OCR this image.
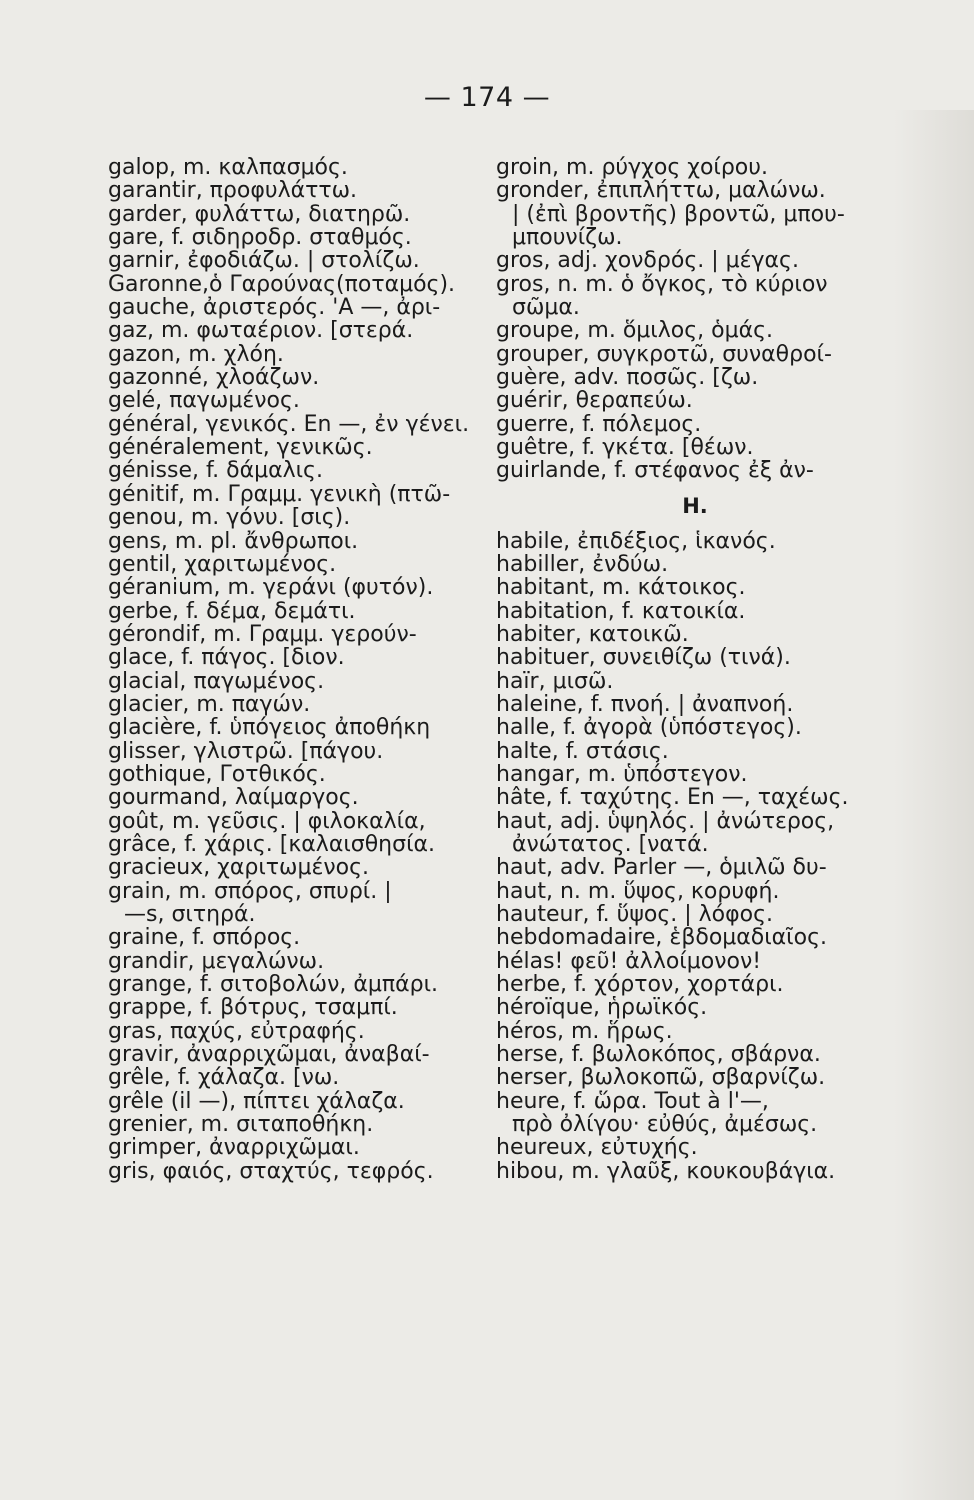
— 174 —
galop, m. καλπασμός.
garantir, προφυλάττω.
garder, φυλάττω, διατηρῶ.
gare, f. σιδηροδρ. σταθμός.
garnir, ἐφοδιάζω. | στολίζω.
Garonne,ὁ Γαρούνας(ποταμός).
gauche, ἀριστερός. 'A —, ἀρι-
gaz, m. φωταέριον. [στερά.
gazon, m. χλόη.
gazonné, χλοάζων.
gelé, παγωμένος.
général, γενικός. En —, ἐν γένει.
généralement, γενικῶς.
génisse, f. δάμαλις.
génitif, m. Γραμμ. γενικὴ (πτῶ-
genou, m. γόνυ. [σις).
gens, m. pl. ἄνθρωποι.
gentil, χαριτωμένος.
géranium, m. γεράνι (φυτόν).
gerbe, f. δέμα, δεμάτι.
gérondif, m. Γραμμ. γερούν-
glace, f. πάγος. [διον.
glacial, παγωμένος.
glacier, m. παγών.
glacière, f. ὑπόγειος ἀποθήκη
glisser, γλιστρῶ. [πάγου.
gothique, Γοτθικός.
gourmand, λαίμαργος.
goût, m. γεῦσις. | φιλοκαλία,
grâce, f. χάρις. [καλαισθησία.
gracieux, χαριτωμένος.
grain, m. σπόρος, σπυρί. |
—s, σιτηρά.
graine, f. σπόρος.
grandir, μεγαλώνω.
grange, f. σιτοβολών, ἀμπάρι.
grappe, f. βότρυς, τσαμπί.
gras, παχύς, εὐτραφής.
gravir, ἀναρριχῶμαι, ἀναβαί-
grêle, f. χάλαζα. [νω.
grêle (il —), πίπτει χάλαζα.
grenier, m. σιταποθήκη.
grimper, ἀναρριχῶμαι.
gris, φαιός, σταχτύς, τεφρός.
groin, m. ρύγχος χοίρου.
gronder, ἐπιπλήττω, μαλώνω.
| (ἐπὶ βροντῆς) βροντῶ, μπου-
μπουνίζω.
gros, adj. χονδρός. | μέγας.
gros, n. m. ὁ ὄγκος, τὸ κύριον
σῶμα.
groupe, m. ὅμιλος, ὁμάς.
grouper, συγκροτῶ, συναθροί-
guère, adv. ποσῶς. [ζω.
guérir, θεραπεύω.
guerre, f. πόλεμος.
guêtre, f. γκέτα. [θέων.
guirlande, f. στέφανος ἐξ ἀν-
H.
habile, ἐπιδέξιος, ἱκανός.
habiller, ἐνδύω.
habitant, m. κάτοικος.
habitation, f. κατοικία.
habiter, κατοικῶ.
habituer, συνειθίζω (τινά).
haïr, μισῶ.
haleine, f. πνοή. | ἀναπνοή.
halle, f. ἀγορὰ (ὑπόστεγος).
halte, f. στάσις.
hangar, m. ὑπόστεγον.
hâte, f. ταχύτης. En —, ταχέως.
haut, adj. ὑψηλός. | ἀνώτερος,
ἀνώτατος. [νατά.
haut, adv. Parler —, ὁμιλῶ δυ-
haut, n. m. ὕψος, κορυφή.
hauteur, f. ὕψος. | λόφος.
hebdomadaire, ἑβδομαδιαῖος.
hélas! φεῦ! ἀλλοίμονον!
herbe, f. χόρτον, χορτάρι.
héroïque, ἡρωϊκός.
héros, m. ἥρως.
herse, f. βωλοκόπος, σβάρνα.
herser, βωλοκοπῶ, σβαρνίζω.
heure, f. ὥρα. Tout à l'—,
πρὸ ὀλίγου· εὐθύς, ἀμέσως.
heureux, εὐτυχής.
hibou, m. γλαῦξ, κουκουβάγια.
